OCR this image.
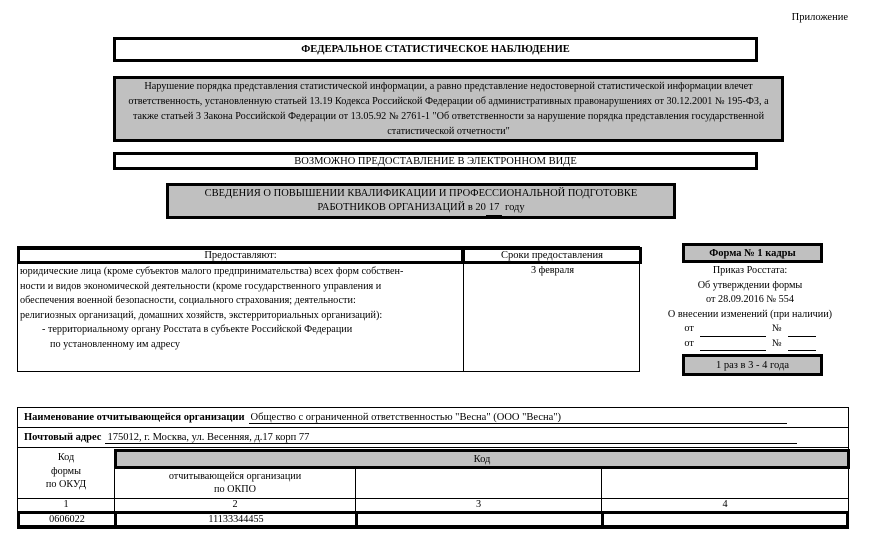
Приложение
ФЕДЕРАЛЬНОЕ СТАТИСТИЧЕСКОЕ НАБЛЮДЕНИЕ
Нарушение порядка представления статистической информации, а равно представление недостоверной статистической информации влечет ответственность, установленную статьей 13.19 Кодекса Российской Федерации об административных правонарушениях от 30.12.2001 № 195-ФЗ, а также статьей 3 Закона Российской Федерации от 13.05.92 № 2761-1 "Об ответственности за нарушение порядка представления государственной статистической отчетности"
ВОЗМОЖНО ПРЕДОСТАВЛЕНИЕ В ЭЛЕКТРОННОМ ВИДЕ
СВЕДЕНИЯ О ПОВЫШЕНИИ КВАЛИФИКАЦИИ И ПРОФЕССИОНАЛЬНОЙ ПОДГОТОВКЕ
РАБОТНИКОВ ОРГАНИЗАЦИЙ в 20 17 году
Предоставляют:	Сроки предоставления
юридические лица (кроме субъектов малого предпринимательства) всех форм собствен-
ности и видов экономической деятельности (кроме государственного управления и
обеспечения военной безопасности, социального страхования; деятельности:
религиозных организаций, домашних хозяйств, экстерриториальных организаций):
- территориальному органу Росстата в субъекте Российской Федерации
по установленному им адресу
3 февраля
Форма № 1 кадры
Приказ Росстата:
Об утверждении формы
от 28.09.2016 № 554
О внесении изменений (при наличии)
от	№
от	№
1 раз в 3 - 4 года
Наименование отчитывающейся организации Общество с ограниченной ответственностью "Весна" (ООО "Весна")
Почтовый адрес 175012, г. Москва, ул. Весенняя, д.17 корп 77
Код
формы
по ОКУД
Код
отчитывающейся организации
по ОКПО
1	2	3	4
0606022	11133344455
